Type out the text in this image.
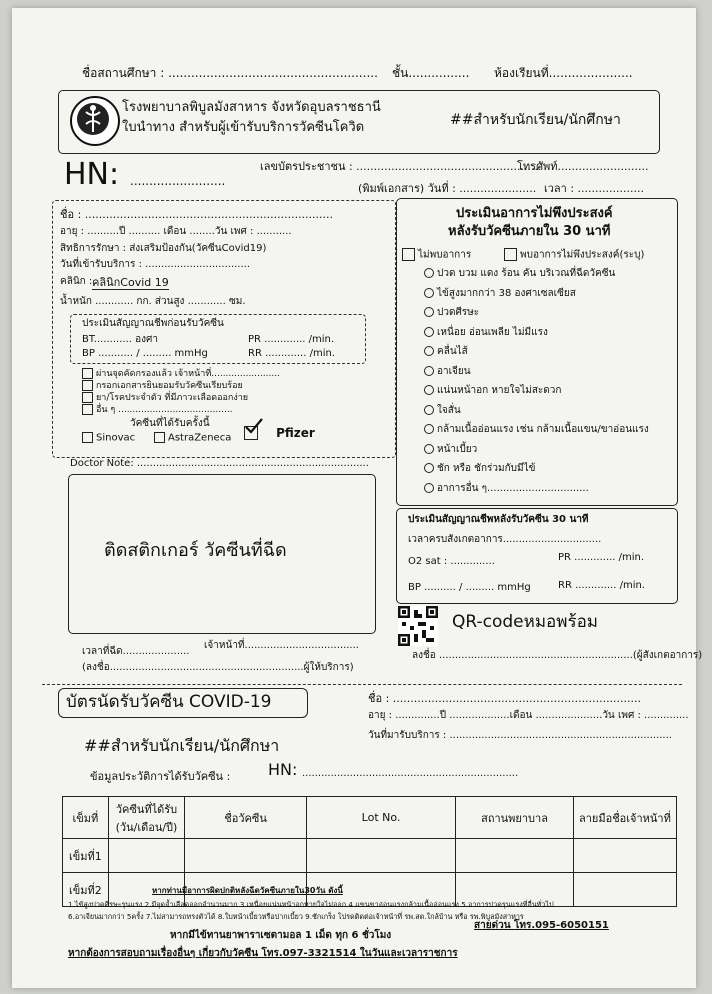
ชื่อสถานศึกษา : ....................................................... ชั้น................ ห้องเรียนที่......................
โรงพยาบาลพิบูลมังสาหาร จังหวัดอุบลราชธานี
ใบนำทาง สำหรับผู้เข้ารับบริการวัคซีนโควิด	##สำหรับนักเรียน/นักศึกษา
HN: .........................
เลขบัตรประชาชน : .....................................................
โทรศัพท์..........................
(พิมพ์เอกสาร) วันที่ : ...................... เวลา : ...................
ชื่อ : .......................................................................
อายุ : ..........ปี .......... เดือน ........วัน เพศ : ...........
สิทธิการรักษา : ส่งเสริมป้องกัน(วัคซีนCovid19)
วันที่เข้ารับบริการ : .................................
คลินิก : คลินิกCovid 19
น้ำหนัก ............ กก. ส่วนสูง ............ ซม.
ประเมินสัญญาณชีพก่อนรับวัคซีน
BT............ องศา	PR ............. /min.
BP ........... / ......... mmHg	RR ............. /min.
ผ่านจุดคัดกรองแล้ว เจ้าหน้าที่........................
กรอกเอกสารยินยอมรับวัคซีนเรียบร้อย
ยา/โรคประจำตัว ที่มีภาวะเลือดออกง่าย
อื่น ๆ ........................................
วัคซีนที่ได้รับครั้งนี้
Sinovac	AstraZeneca
	Pfizer
Doctor Note: .........................................................................
ติดสติกเกอร์ วัคซีนที่ฉีด
ประเมินอาการไม่พึงประสงค์
หลังรับวัคซีนภายใน 30 นาที
ไม่พบอาการ	พบอาการไม่พึงประสงค์(ระบุ)
ปวด บวม แดง ร้อน คัน บริเวณที่ฉีดวัคซีน
ไข้สูงมากกว่า 38 องศาเซลเซียส
ปวดศีรษะ
เหนื่อย อ่อนเพลีย ไม่มีแรง
คลื่นไส้
อาเจียน
แน่นหน้าอก หายใจไม่สะดวก
ใจสั่น
กล้ามเนื้ออ่อนแรง เช่น กล้ามเนื้อแขน/ขาอ่อนแรง
หน้าเบี้ยว
ชัก หรือ ชักร่วมกับมีไข้
อาการอื่น ๆ................................
ประเมินสัญญาณชีพหลังรับวัคซีน 30 นาที
เวลาครบสังเกตอาการ...............................
O2 sat : ..............	PR ............. /min.
BP .......... / ......... mmHg	RR ............. /min.
QR-codeหมอพร้อม
เวลาที่ฉีด.....................
เจ้าหน้าที่....................................
(ลงชื่อ.............................................................ผู้ให้บริการ)
ลงชื่อ .............................................................(ผู้สังเกตอาการ)
บัตรนัดรับวัคซีน COVID-19
##สำหรับนักเรียน/นักศึกษา
ชื่อ : .......................................................................
อายุ : ..............ปี ...................เดือน .....................วัน เพศ : ..............
วันที่มารับบริการ : ......................................................................
ข้อมูลประวัติการได้รับวัคซีน : HN: ....................................................................
เข็มที่	วัคซีนที่ได้รับ (วัน/เดือน/ปี)	ชื่อวัคซีน	Lot No.	สถานพยาบาล	ลายมือชื่อเจ้าหน้าที่
เข็มที่1					
เข็มที่2						หากท่านมีอาการผิดปกติหลังฉีดวัคซีนภายใน30วัน ดังนี้
1.ไข้สูงปวดศีรษะรุนแรง 2.มีจุดจ้ำเลือดออกจำนวนมาก 3.เหนื่อยแน่นหน้าอกหายใจไม่ออก 4.แขนขาอ่อนแรงกล้ามเนื้ออ่อนแรง 5.อาการปวดรุนแรงที่อื่นทั่วไป
6.อาเจียนมากกว่า 5ครั้ง 7.ไม่สามารถทรงตัวได้ 8.ใบหน้าเบี้ยวหรือปากเบี้ยว 9.ชักเกร็ง โปรดติดต่อเจ้าหน้าที่ รพ.สต.ใกล้บ้าน หรือ รพ.พิบูลมังสาหาร
หากมีไข้ทานยาพาราเซตามอล 1 เม็ด ทุก 6 ชั่วโมง
สายด่วน โทร.095-6050151
หากต้องการสอบถามเรื่องอื่นๆ เกี่ยวกับวัคซีน โทร.097-3321514 ในวันและเวลาราชการ
